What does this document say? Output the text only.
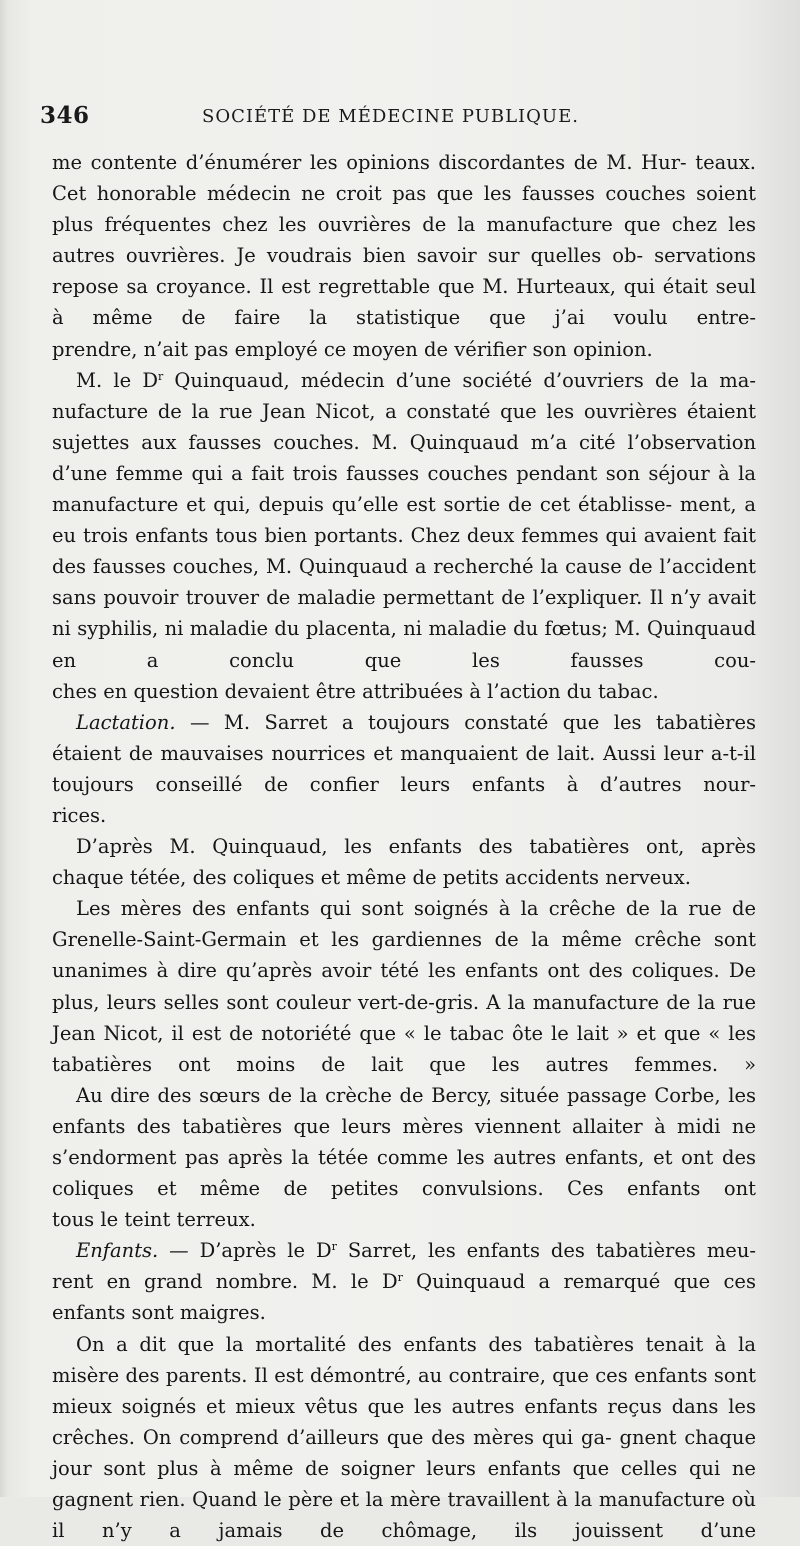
346	SOCIÉTÉ DE MÉDECINE PUBLIQUE.

me contente d’énumérer les opinions discordantes de M. Hur- teaux. Cet honorable médecin ne croit pas que les fausses couches soient plus fréquentes chez les ouvrières de la manufacture que chez les autres ouvrières. Je voudrais bien savoir sur quelles ob- servations repose sa croyance. Il est regrettable que M. Hurteaux, qui était seul à même de faire la statistique que j’ai voulu entre-

prendre, n’ait pas employé ce moyen de vérifier son opinion.

M. le $D^r$ Quinquaud, médecin d’une société d’ouvriers de la ma- nufacture de la rue Jean Nicot, a constaté que les ouvrières étaient sujettes aux fausses couches. M. Quinquaud m’a cité l’observation d’une femme qui a fait trois fausses couches pendant son séjour à la manufacture et qui, depuis qu’elle est sortie de cet établisse- ment, a eu trois enfants tous bien portants. Chez deux femmes qui avaient fait des fausses couches, M. Quinquaud a recherché la cause de l’accident sans pouvoir trouver de maladie permettant de l’expliquer. Il n’y avait ni syphilis, ni maladie du placenta, ni maladie du fœtus; M. Quinquaud en a conclu que les fausses cou-

ches en question devaient être attribuées à l’action du tabac.

Lactation. — M. Sarret a toujours constaté que les tabatières étaient de mauvaises nourrices et manquaient de lait. Aussi leur a-t-il toujours conseillé de confier leurs enfants à d’autres nour-

rices.

D’après M. Quinquaud, les enfants des tabatières ont, après

chaque tétée, des coliques et même de petits accidents nerveux.

Les mères des enfants qui sont soignés à la crêche de la rue de Grenelle-Saint-Germain et les gardiennes de la même crêche sont unanimes à dire qu’après avoir tété les enfants ont des coliques. De plus, leurs selles sont couleur vert-de-gris. A la manufacture de la rue Jean Nicot, il est de notoriété que « le tabac ôte le lait » et que « les tabatières ont moins de lait que les autres femmes. »

Au dire des sœurs de la crèche de Bercy, située passage Corbe, les enfants des tabatières que leurs mères viennent allaiter à midi ne s’endorment pas après la tétée comme les autres enfants, et ont des coliques et même de petites convulsions. Ces enfants ont

tous le teint terreux.

Enfants. — D’après le $D^r$ Sarret, les enfants des tabatières meu- rent en grand nombre. M. le $D^r$ Quinquaud a remarqué que ces

enfants sont maigres.

On a dit que la mortalité des enfants des tabatières tenait à la misère des parents. Il est démontré, au contraire, que ces enfants sont mieux soignés et mieux vêtus que les autres enfants reçus dans les crêches. On comprend d’ailleurs que des mères qui ga- gnent chaque jour sont plus à même de soigner leurs enfants que celles qui ne gagnent rien. Quand le père et la mère travaillent à la manufacture où il n’y a jamais de chômage, ils jouissent d’une
